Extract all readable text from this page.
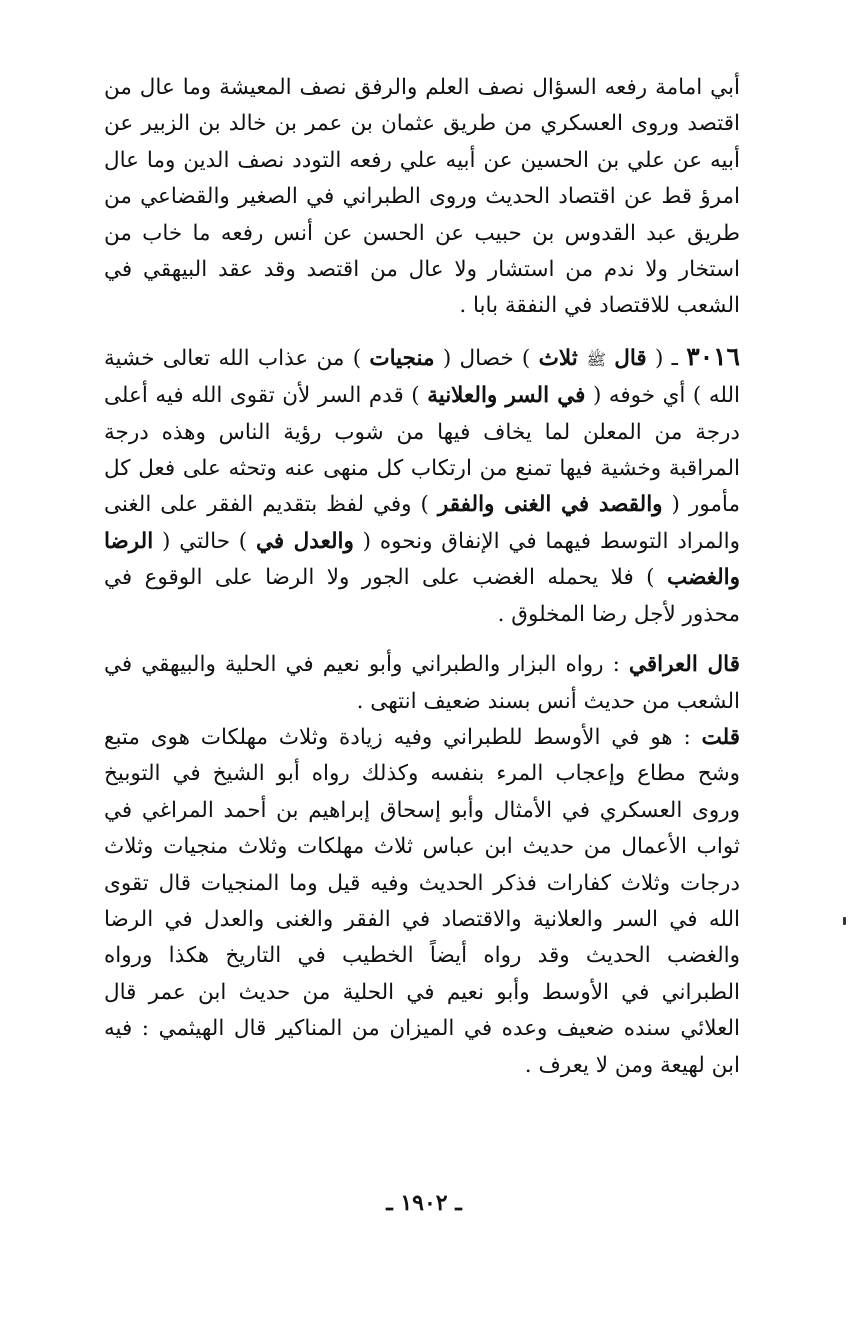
أبي امامة رفعه السؤال نصف العلم والرفق نصف المعيشة وما عال من اقتصد وروى العسكري من طريق عثمان بن عمر بن خالد بن الزبير عن أبيه عن علي بن الحسين عن أبيه علي رفعه التودد نصف الدين وما عال امرؤ قط عن اقتصاد الحديث وروى الطبراني في الصغير والقضاعي من طريق عبد القدوس بن حبيب عن الحسن عن أنس رفعه ما خاب من استخار ولا ندم من استشار ولا عال من اقتصد وقد عقد البيهقي في الشعب للاقتصاد في النفقة بابا .

٣٠١٦ ـ ( قال ﷺ ثلاث ) خصال ( منجيات ) من عذاب الله تعالى خشية الله ) أي خوفه ( في السر والعلانية ) قدم السر لأن تقوى الله فيه أعلى درجة من المعلن لما يخاف فيها من شوب رؤية الناس وهذه درجة المراقبة وخشية فيها تمنع من ارتكاب كل منهى عنه وتحثه على فعل كل مأمور ( والقصد في الغنى والفقر ) وفي لفظ بتقديم الفقر على الغنى والمراد التوسط فيهما في الإنفاق ونحوه ( والعدل في ) حالتي ( الرضا والغضب ) فلا يحمله الغضب على الجور ولا الرضا على الوقوع في محذور لأجل رضا المخلوق .

قال العراقي : رواه البزار والطبراني وأبو نعيم في الحلية والبيهقي في الشعب من حديث أنس بسند ضعيف انتهى .

قلت : هو في الأوسط للطبراني وفيه زيادة وثلاث مهلكات هوى متبع وشح مطاع وإعجاب المرء بنفسه وكذلك رواه أبو الشيخ في التوبيخ وروى العسكري في الأمثال وأبو إسحاق إبراهيم بن أحمد المراغي في ثواب الأعمال من حديث ابن عباس ثلاث مهلكات وثلاث منجيات وثلاث درجات وثلاث كفارات فذكر الحديث وفيه قيل وما المنجيات قال تقوى الله في السر والعلانية والاقتصاد في الفقر والغنى والعدل في الرضا والغضب الحديث وقد رواه أيضاً الخطيب في التاريخ هكذا ورواه الطبراني في الأوسط وأبو نعيم في الحلية من حديث ابن عمر قال العلائي سنده ضعيف وعده في الميزان من المناكير قال الهيثمي : فيه ابن لهيعة ومن لا يعرف .

ـ ١٩٠٢ ـ
